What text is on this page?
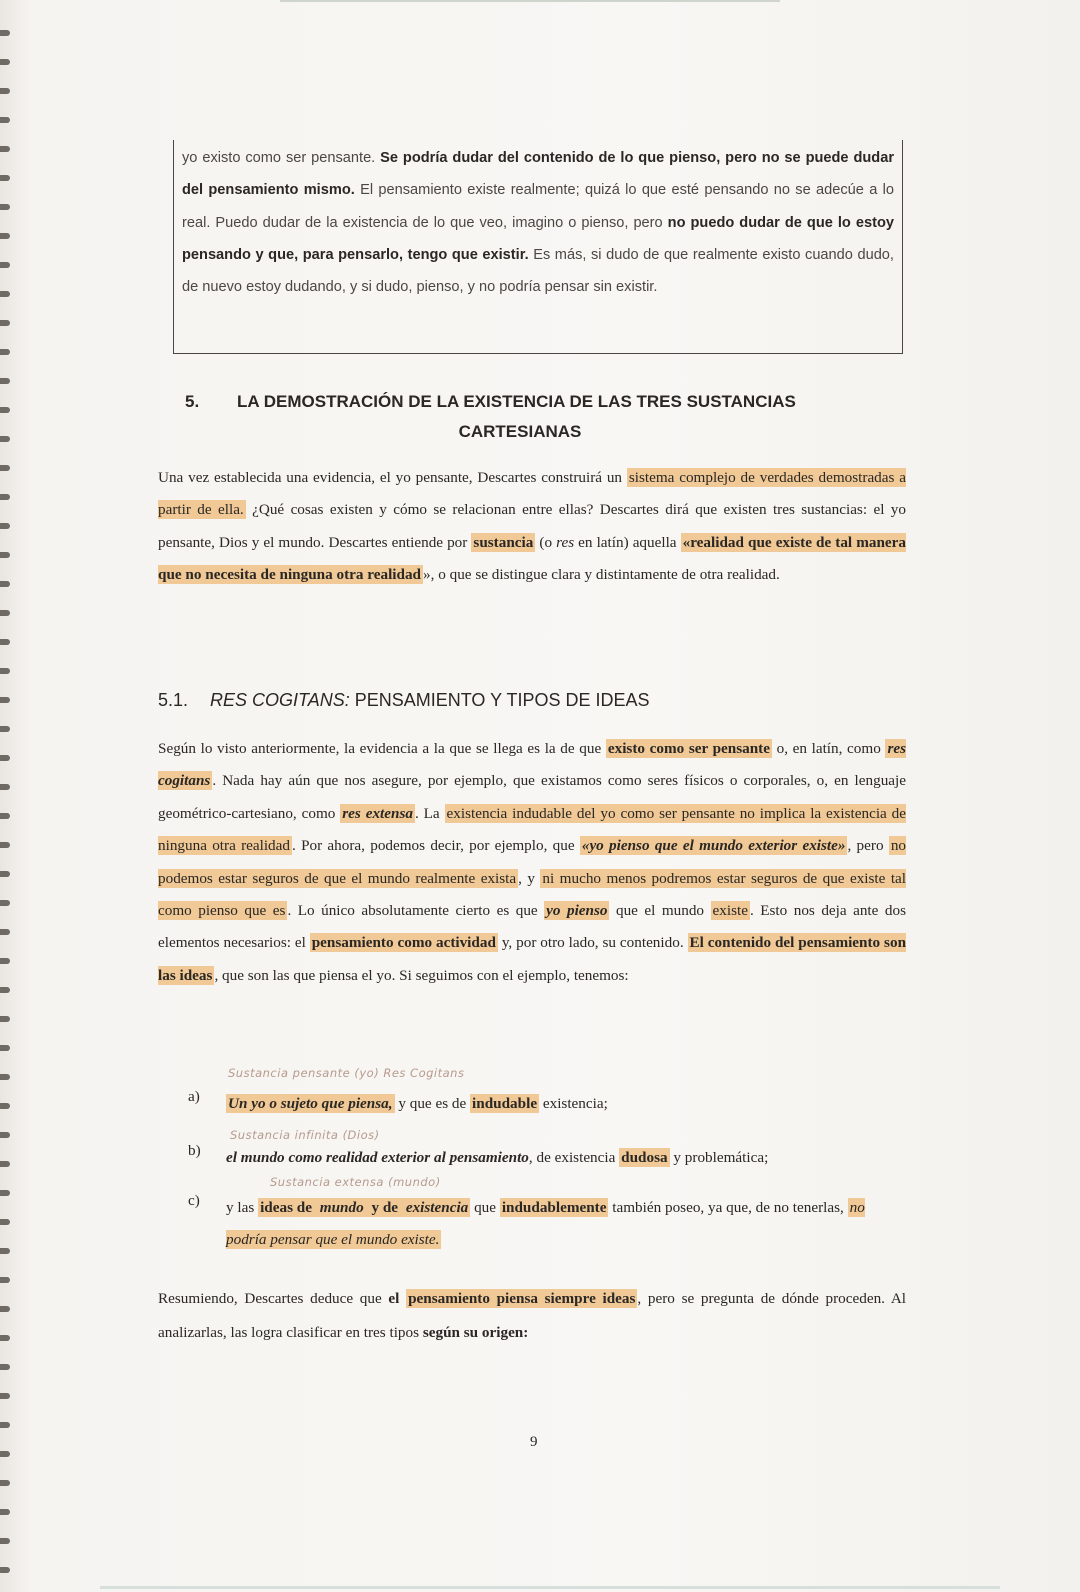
yo existo como ser pensante. Se podría dudar del contenido de lo que pienso, pero no se puede dudar del pensamiento mismo. El pensamiento existe realmente; quizá lo que esté pensando no se adecúe a lo real. Puedo dudar de la existencia de lo que veo, imagino o pienso, pero no puedo dudar de que lo estoy pensando y que, para pensarlo, tengo que existir. Es más, si dudo de que realmente existo cuando dudo, de nuevo estoy dudando, y si dudo, pienso, y no podría pensar sin existir.
5. LA DEMOSTRACIÓN DE LA EXISTENCIA DE LAS TRES SUSTANCIAS
CARTESIANAS
Una vez establecida una evidencia, el yo pensante, Descartes construirá un sistema complejo de verdades demostradas a partir de ella. ¿Qué cosas existen y cómo se relacionan entre ellas? Descartes dirá que existen tres sustancias: el yo pensante, Dios y el mundo. Descartes entiende por sustancia (o res en latín) aquella «realidad que existe de tal manera que no necesita de ninguna otra realidad », o que se distingue clara y distintamente de otra realidad.
5.1. RES COGITANS: PENSAMIENTO Y TIPOS DE IDEAS
Según lo visto anteriormente, la evidencia a la que se llega es la de que existo como ser pensante o, en latín, como res cogitans . Nada hay aún que nos asegure, por ejemplo, que existamos como seres físicos o corporales, o, en lenguaje geométrico-cartesiano, como res extensa . La existencia indudable del yo como ser pensante no implica la existencia de ninguna otra realidad . Por ahora, podemos decir, por ejemplo, que «yo pienso que el mundo exterior existe» , pero no podemos estar seguros de que el mundo realmente exista , y ni mucho menos podremos estar seguros de que existe tal como pienso que es . Lo único absolutamente cierto es que yo pienso que el mundo existe . Esto nos deja ante dos elementos necesarios: el pensamiento como actividad y, por otro lado, su contenido. El contenido del pensamiento son las ideas , que son las que piensa el yo. Si seguimos con el ejemplo, tenemos:
Sustancia pensante (yo) Res Cogitans
Sustancia infinita (Dios)
Sustancia extensa (mundo)
a) Un yo o sujeto que piensa, y que es de indudable existencia;
b) el mundo como realidad exterior al pensamiento, de existencia dudosa y problemática;
c) y las ideas de mundo y de existencia que indudablemente también poseo, ya que, de no tenerlas, no podría pensar que el mundo existe.
Resumiendo, Descartes deduce que el pensamiento piensa siempre ideas , pero se pregunta de dónde proceden. Al analizarlas, las logra clasificar en tres tipos según su origen:
9
